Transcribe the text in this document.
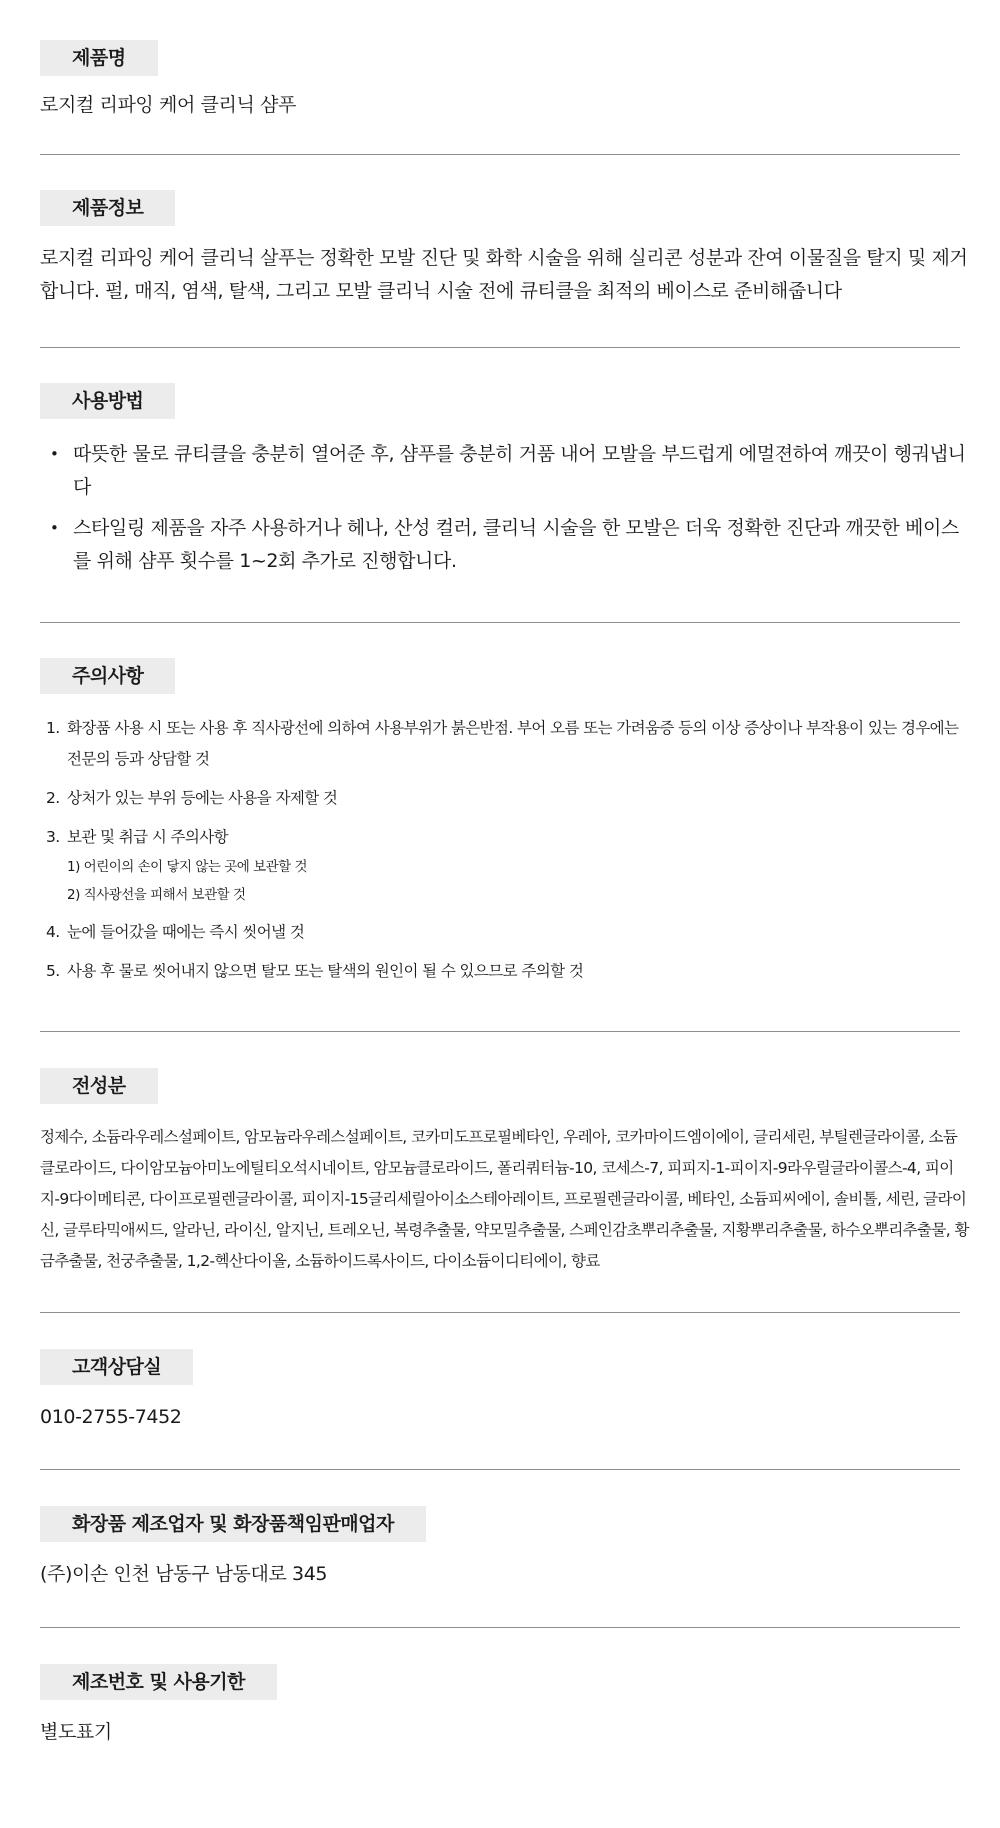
제품명
로지컬 리파잉 케어 클리닉 샴푸
제품정보
로지컬 리파잉 케어 클리닉 살푸는 정확한 모발 진단 및 화학 시술을 위해 실리콘 성분과 잔여 이물질을 탈지 및 제거합니다. 펄, 매직, 염색, 탈색, 그리고 모발 클리닉 시술 전에 큐티클을 최적의 베이스로 준비해줍니다
사용방법
• 따뜻한 물로 큐티클을 충분히 열어준 후, 샴푸를 충분히 거품 내어 모발을 부드럽게 에멀젼하여 깨끗이 헹궈냅니다
• 스타일링 제품을 자주 사용하거나 헤나, 산성 컬러, 클리닉 시술을 한 모발은 더욱 정확한 진단과 깨끗한 베이스를 위해 샴푸 횟수를 1~2회 추가로 진행합니다.
주의사항
1. 화장품 사용 시 또는 사용 후 직사광선에 의하여 사용부위가 붉은반점. 부어 오름 또는 가려움증 등의 이상 증상이나 부작용이 있는 경우에는 전문의 등과 상담할 것
2. 상처가 있는 부위 등에는 사용을 자제할 것
3. 보관 및 취급 시 주의사항
1) 어린이의 손이 닿지 않는 곳에 보관할 것
2) 직사광선을 피해서 보관할 것
4. 눈에 들어갔을 때에는 즉시 씻어낼 것
5. 사용 후 물로 씻어내지 않으면 탈모 또는 탈색의 원인이 될 수 있으므로 주의할 것
전성분
정제수, 소듐라우레스설페이트, 암모늄라우레스설페이트, 코카미도프로필베타인, 우레아, 코카마이드엠이에이, 글리세린, 부틸렌글라이콜, 소듐클로라이드, 다이암모늄아미노에틸티오석시네이트, 암모늄클로라이드, 폴리쿼터늄-10, 코세스-7, 피피지-1-피이지-9라우릴글라이콜스-4, 피이지-9다이메티콘, 다이프로필렌글라이콜, 피이지-15글리세릴아이소스테아레이트, 프로필렌글라이콜, 베타인, 소듐피씨에이, 솔비톨, 세린, 글라이신, 글루타믹애씨드, 알라닌, 라이신, 알지닌, 트레오닌, 복령추출물, 약모밀추출물, 스페인감초뿌리추출물, 지황뿌리추출물, 하수오뿌리추출물, 황금추출물, 천궁추출물, 1,2-헥산다이올, 소듐하이드록사이드, 다이소듐이디티에이, 향료
고객상담실
010-2755-7452
화장품 제조업자 및 화장품책임판매업자
(주)이손 인천 남동구 남동대로 345
제조번호 및 사용기한
별도표기
